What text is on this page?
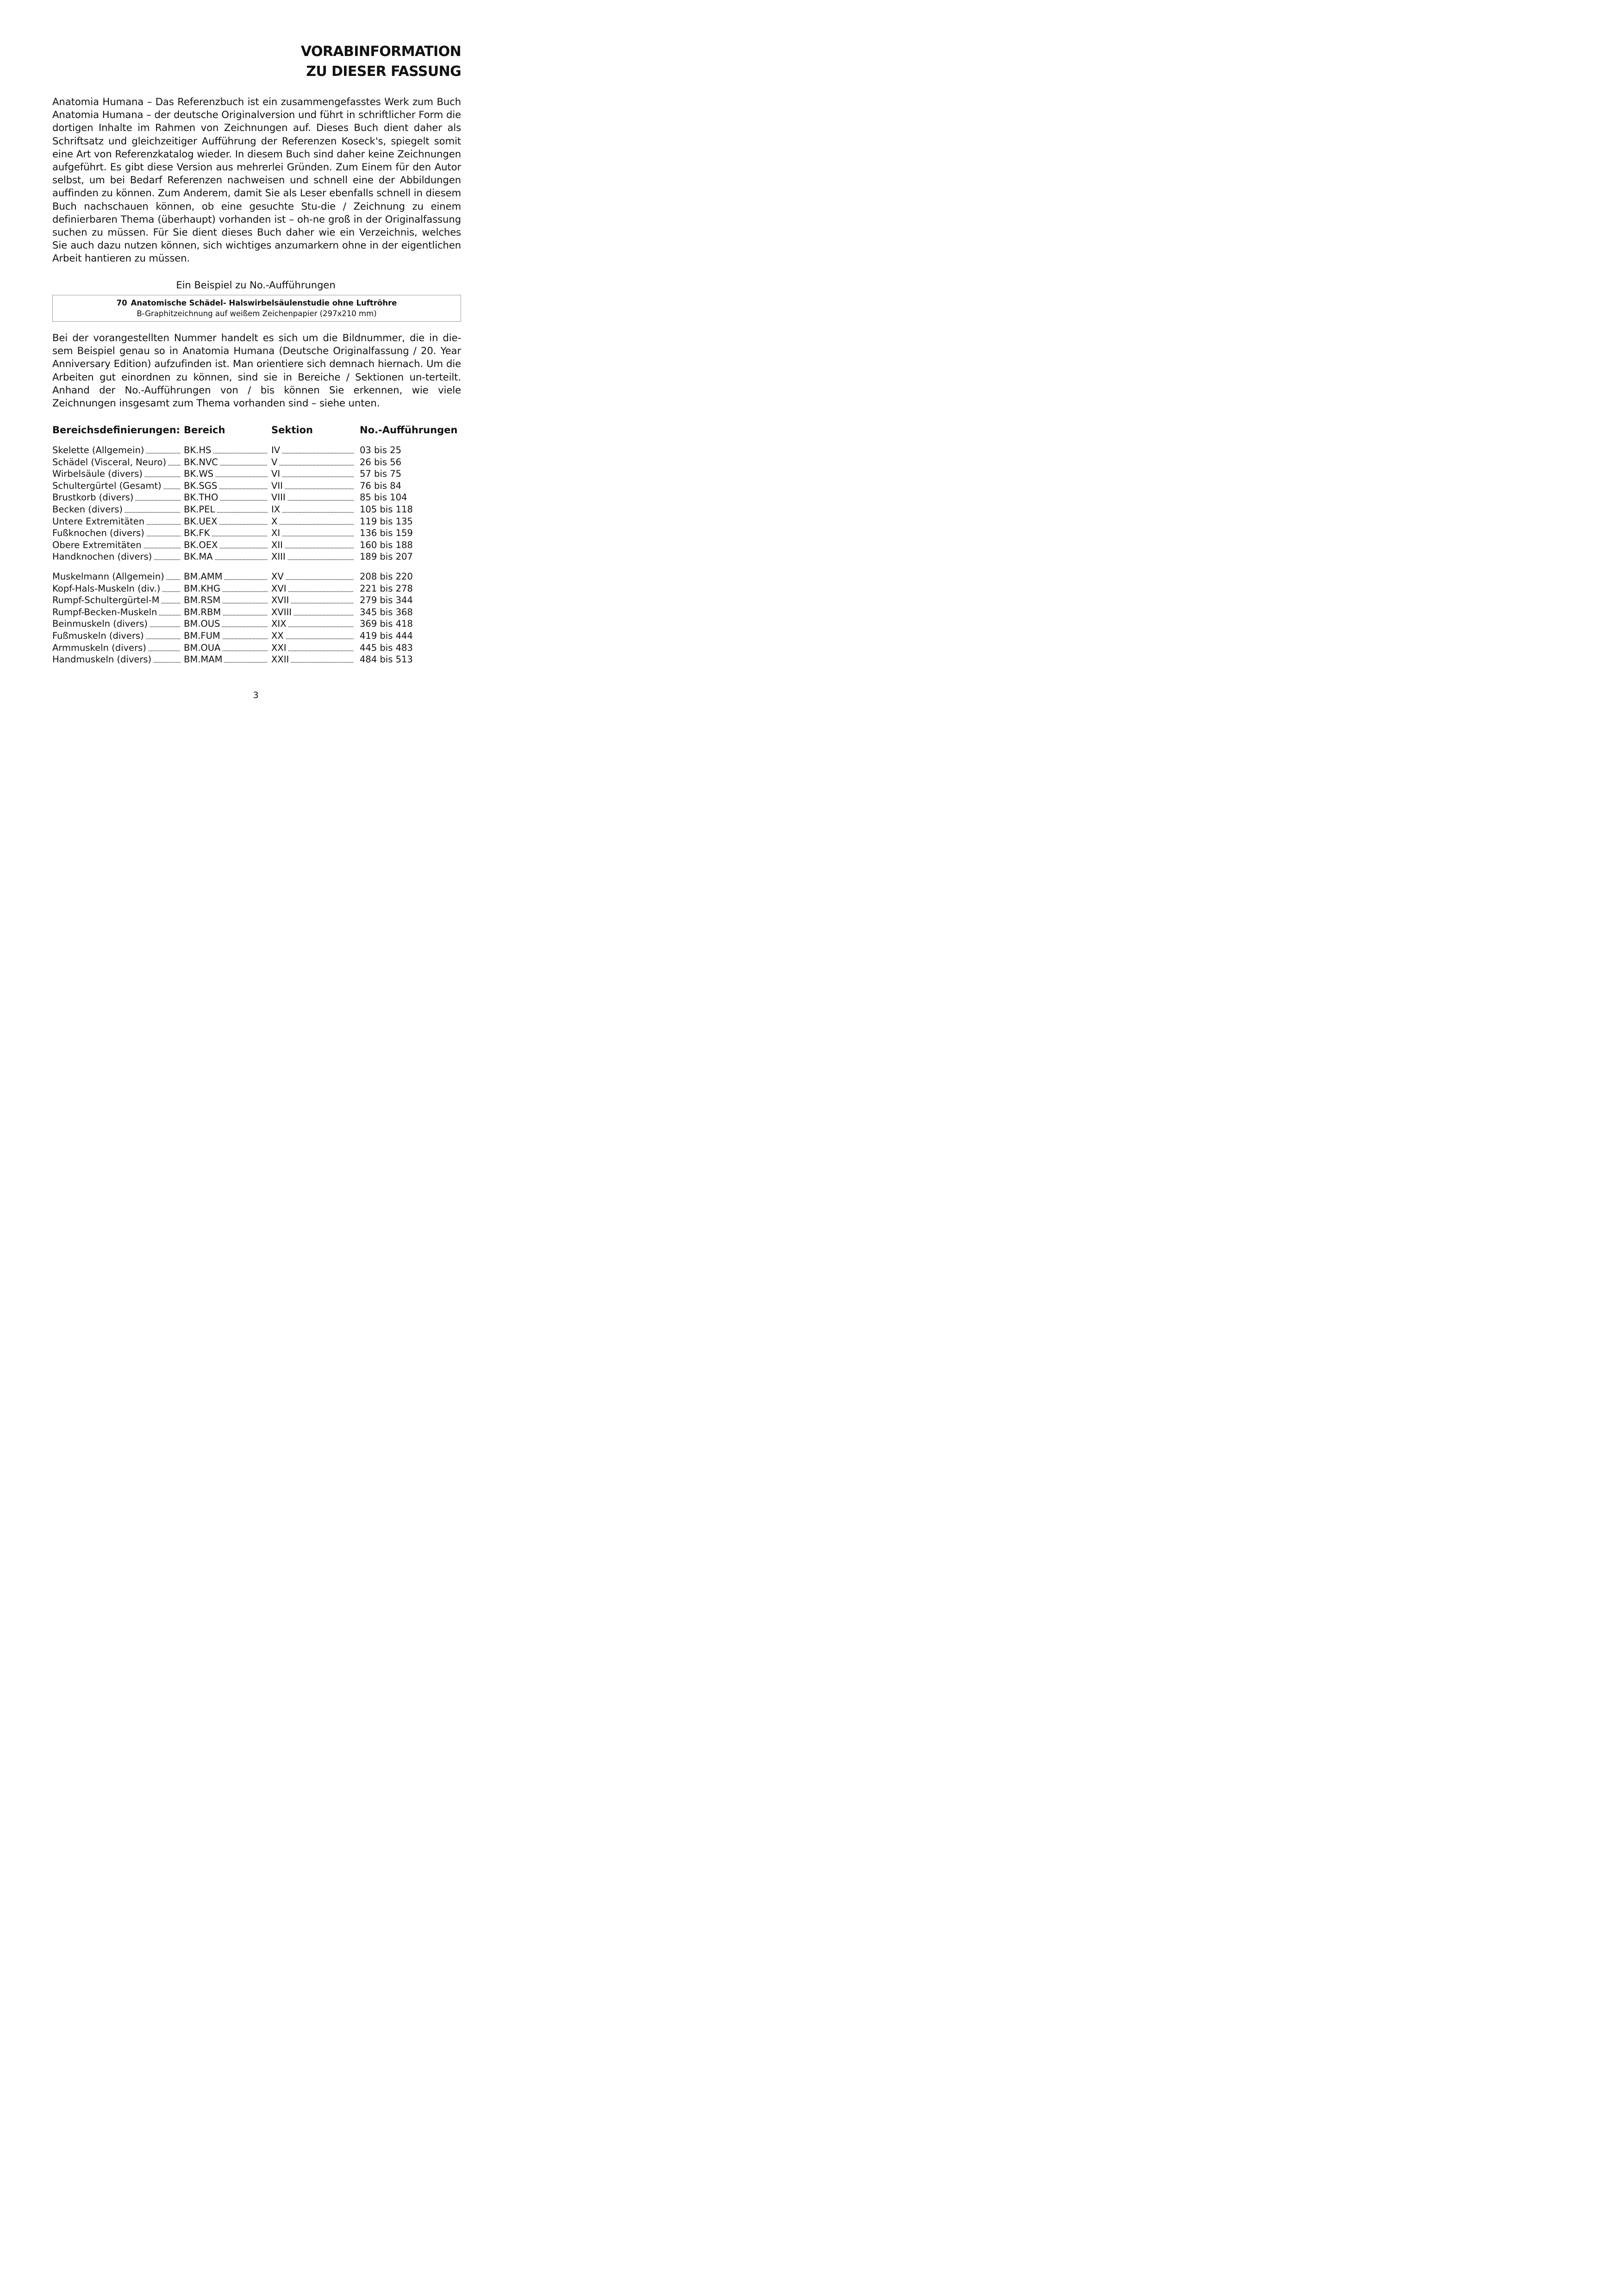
VORABINFORMATION
ZU DIESER FASSUNG

Anatomia Humana – Das Referenzbuch ist ein zusammengefasstes Werk zum Buch Anatomia Humana – der deutsche Originalversion und führt in schriftlicher Form die dortigen Inhalte im Rahmen von Zeichnungen auf. Dieses Buch dient daher als Schriftsatz und gleichzeitiger Aufführung der Referenzen Koseck's, spiegelt somit eine Art von Referenzkatalog wieder. In diesem Buch sind daher keine Zeichnungen aufgeführt. Es gibt diese Version aus mehrerlei Gründen. Zum Einem für den Autor selbst, um bei Bedarf Referenzen nachweisen und schnell eine der Abbildungen auffinden zu können. Zum Anderem, damit Sie als Leser ebenfalls schnell in diesem Buch nachschauen können, ob eine gesuchte Stu-die / Zeichnung zu einem definierbaren Thema (überhaupt) vorhanden ist – oh-ne groß in der Originalfassung suchen zu müssen. Für Sie dient dieses Buch daher wie ein Verzeichnis, welches Sie auch dazu nutzen können, sich wichtiges anzumarkern ohne in der eigentlichen Arbeit hantieren zu müssen.

Ein Beispiel zu No.-Aufführungen
70 Anatomische Schädel- Halswirbelsäulenstudie ohne Luftröhre
B-Graphitzeichnung auf weißem Zeichenpapier (297x210 mm)

Bei der vorangestellten Nummer handelt es sich um die Bildnummer, die in die-sem Beispiel genau so in Anatomia Humana (Deutsche Originalfassung / 20. Year Anniversary Edition) aufzufinden ist. Man orientiere sich demnach hiernach. Um die Arbeiten gut einordnen zu können, sind sie in Bereiche / Sektionen un-terteilt. Anhand der No.-Aufführungen von / bis können Sie erkennen, wie viele Zeichnungen insgesamt zum Thema vorhanden sind – siehe unten.

Bereichsdefinierungen: Bereich	Sektion	No.-Aufführungen
Skelette (Allgemein)	BK.HS	IV	03 bis 25
Schädel (Visceral, Neuro) BK.NVC	V	26 bis 56
Wirbelsäule (divers)	BK.WS	VI	57 bis 75
Schultergürtel (Gesamt) BK.SGS	VII	76 bis 84
Brustkorb (divers)	BK.THO	VIII	85 bis 104
Becken (divers)	BK.PEL	IX	105 bis 118
Untere Extremitäten	BK.UEX	X	119 bis 135
Fußknochen (divers)	BK.FK	XI	136 bis 159
Obere Extremitäten	BK.OEX	XII	160 bis 188
Handknochen (divers)	BK.MA	XIII	189 bis 207
Muskelmann (Allgemein) BM.AMM	XV	208 bis 220
Kopf-Hals-Muskeln (div.)	BM.KHG	XVI	221 bis 278
Rumpf-Schultergürtel-M	BM.RSM	XVII	279 bis 344
Rumpf-Becken-Muskeln	BM.RBM	XVIII	345 bis 368
Beinmuskeln (divers)	BM.OUS	XIX	369 bis 418
Fußmuskeln (divers)	BM.FUM	XX	419 bis 444
Armmuskeln (divers)	BM.OUA	XXI	445 bis 483
Handmuskeln (divers)	BM.MAM	XXII	484 bis 513
3
